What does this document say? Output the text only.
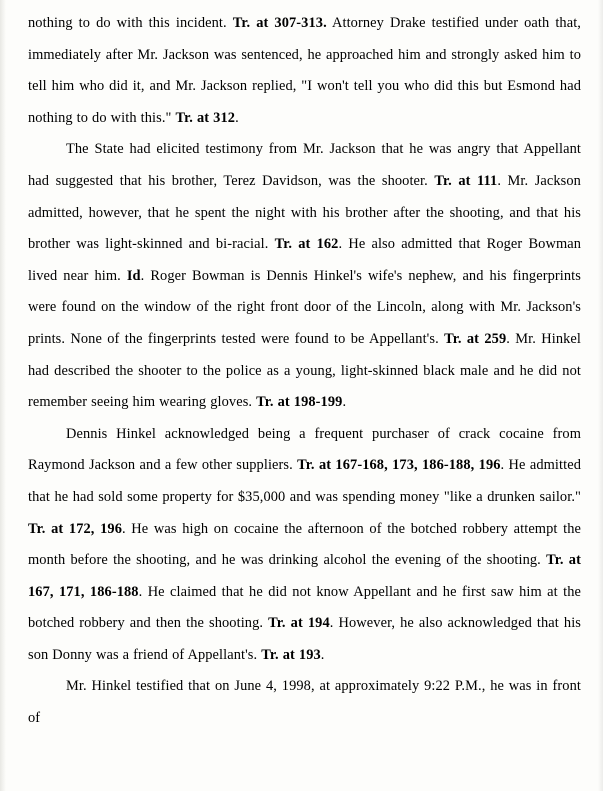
nothing to do with this incident. Tr. at 307-313. Attorney Drake testified under oath that, immediately after Mr. Jackson was sentenced, he approached him and strongly asked him to tell him who did it, and Mr. Jackson replied, "I won't tell you who did this but Esmond had nothing to do with this." Tr. at 312.
The State had elicited testimony from Mr. Jackson that he was angry that Appellant had suggested that his brother, Terez Davidson, was the shooter. Tr. at 111. Mr. Jackson admitted, however, that he spent the night with his brother after the shooting, and that his brother was light-skinned and bi-racial. Tr. at 162. He also admitted that Roger Bowman lived near him. Id. Roger Bowman is Dennis Hinkel's wife's nephew, and his fingerprints were found on the window of the right front door of the Lincoln, along with Mr. Jackson's prints. None of the fingerprints tested were found to be Appellant's. Tr. at 259. Mr. Hinkel had described the shooter to the police as a young, light-skinned black male and he did not remember seeing him wearing gloves. Tr. at 198-199.
Dennis Hinkel acknowledged being a frequent purchaser of crack cocaine from Raymond Jackson and a few other suppliers. Tr. at 167-168, 173, 186-188, 196. He admitted that he had sold some property for $35,000 and was spending money "like a drunken sailor." Tr. at 172, 196. He was high on cocaine the afternoon of the botched robbery attempt the month before the shooting, and he was drinking alcohol the evening of the shooting. Tr. at 167, 171, 186-188. He claimed that he did not know Appellant and he first saw him at the botched robbery and then the shooting. Tr. at 194. However, he also acknowledged that his son Donny was a friend of Appellant's. Tr. at 193.
Mr. Hinkel testified that on June 4, 1998, at approximately 9:22 P.M., he was in front of
